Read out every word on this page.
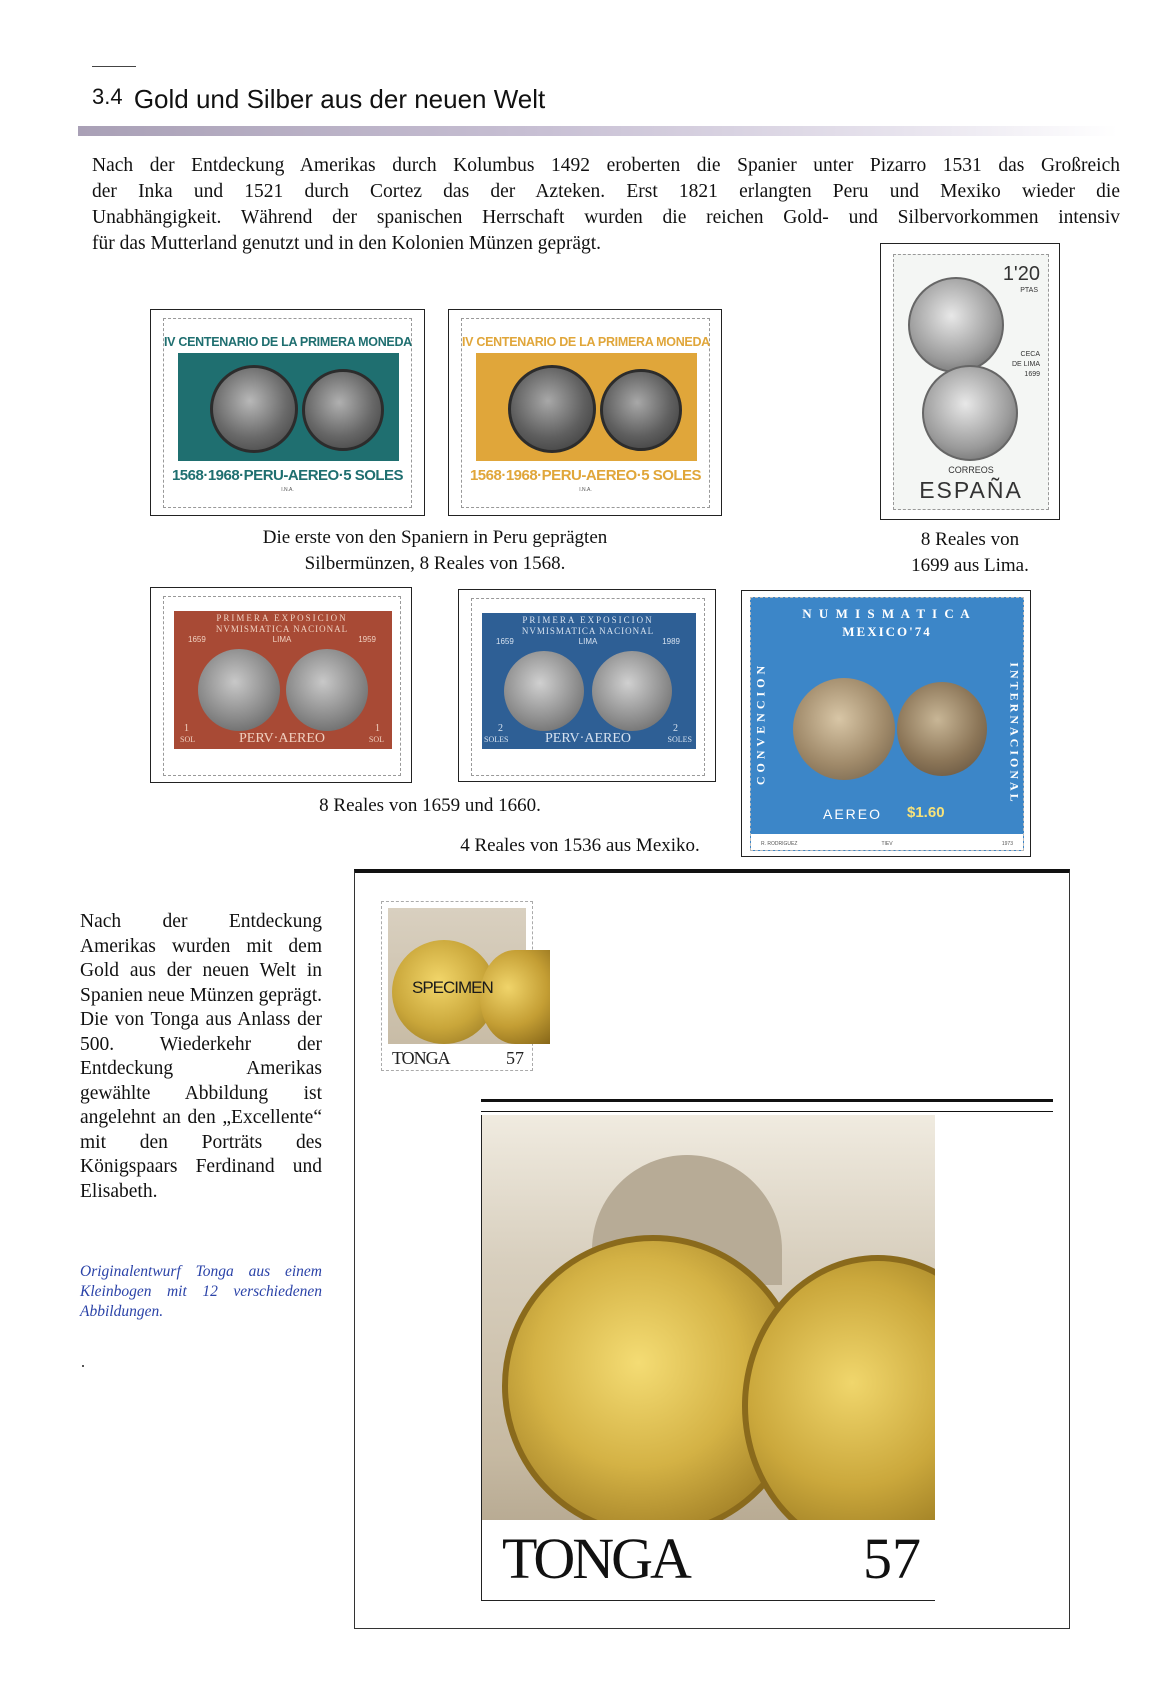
3.4 Gold und Silber aus der neuen Welt
Nach der Entdeckung Amerikas durch Kolumbus 1492 eroberten die Spanier unter Pizarro 1531 das Großreich
der Inka und 1521 durch Cortez das der Azteken. Erst 1821 erlangten Peru und Mexiko wieder die
Unabhängigkeit. Während der spanischen Herrschaft wurden die reichen Gold- und Silbervorkommen intensiv
für das Mutterland genutzt und in den Kolonien Münzen geprägt.
IV CENTENARIO DE LA PRIMERA MONEDA
1568·1968·PERU-AEREO·5 SOLES
I.N.A.
IV CENTENARIO DE LA PRIMERA MONEDA
1568·1968·PERU-AEREO·5 SOLES
I.N.A.
1'20
PTAS
CECA
DE LIMA
1699
CORREOS
ESPAÑA
Die erste von den Spaniern in Peru geprägten
Silbermünzen, 8 Reales von 1568.
8 Reales von
1699 aus Lima.
PRIMERA EXPOSICION
NVMISMATICA NACIONAL
1659	LIMA	1959
1
SOL	PERV·AEREO
1
SOL
PRIMERA EXPOSICION
NVMISMATICA NACIONAL
1659	LIMA	1989
2
SOLES	PERV·AEREO
2
SOLES
N U M I S M A T I C A
MEXICO'74
CONVENCION	INTERNACIONAL
AEREO $1.60
R. RODRIGUEZ	TIEV	1973
8 Reales von 1659 und 1660.
4 Reales von 1536 aus Mexiko.
Nach der Entdeckung Amerikas wurden mit dem Gold aus der neuen Welt in Spanien neue Münzen geprägt. Die von Tonga aus Anlass der 500. Wiederkehr der Entdeckung Amerikas gewählte Abbildung ist angelehnt an den „Excellente“ mit den Porträts des Königspaars Ferdinand und Elisabeth.
Originalentwurf Tonga aus einem Kleinbogen mit 12 verschiedenen Abbildungen.
SPECIMEN
TONGA	57
TONGA	57
